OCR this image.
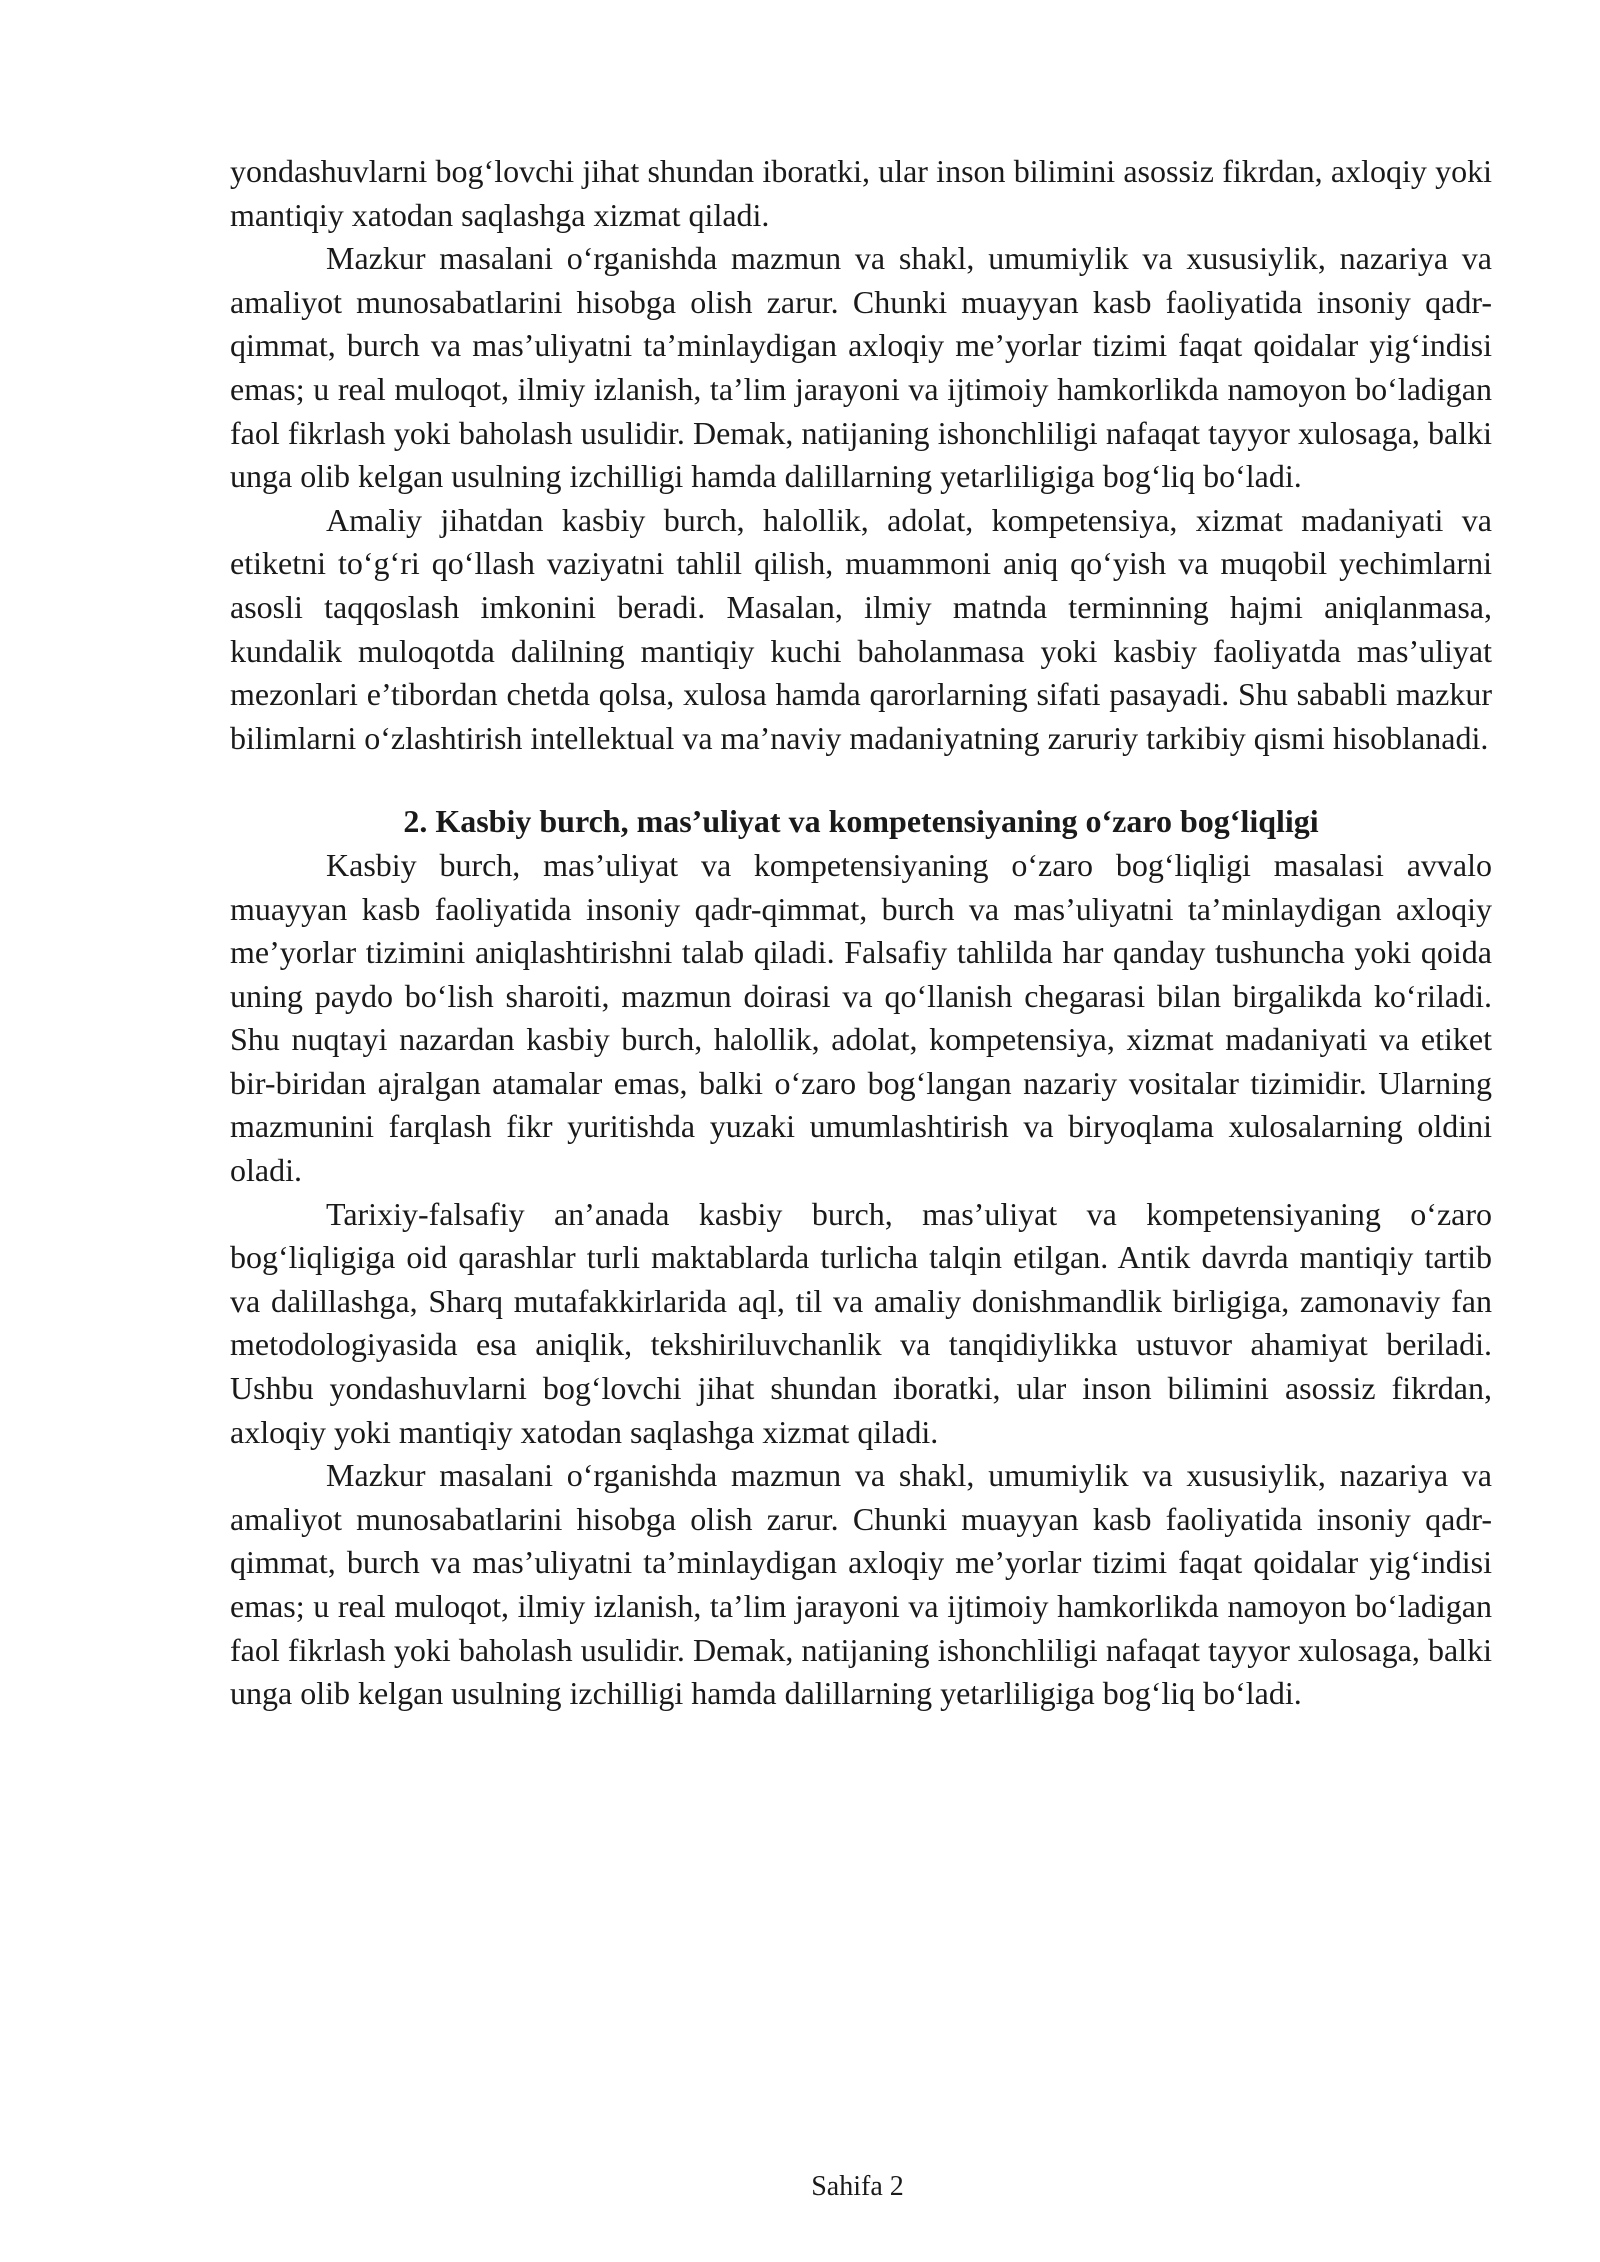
yondashuvlarni bog‘lovchi jihat shundan iboratki, ular inson bilimini asossiz fikrdan, axloqiy yoki mantiqiy xatodan saqlashga xizmat qiladi.

Mazkur masalani o‘rganishda mazmun va shakl, umumiylik va xususiylik, nazariya va amaliyot munosabatlarini hisobga olish zarur. Chunki muayyan kasb faoliyatida insoniy qadr-qimmat, burch va mas’uliyatni ta’minlaydigan axloqiy me’yorlar tizimi faqat qoidalar yig‘indisi emas; u real muloqot, ilmiy izlanish, ta’lim jarayoni va ijtimoiy hamkorlikda namoyon bo‘ladigan faol fikrlash yoki baholash usulidir. Demak, natijaning ishonchliligi nafaqat tayyor xulosaga, balki unga olib kelgan usulning izchilligi hamda dalillarning yetarliligiga bog‘liq bo‘ladi.

Amaliy jihatdan kasbiy burch, halollik, adolat, kompetensiya, xizmat madaniyati va etiketni to‘g‘ri qo‘llash vaziyatni tahlil qilish, muammoni aniq qo‘yish va muqobil yechimlarni asosli taqqoslash imkonini beradi. Masalan, ilmiy matnda terminning hajmi aniqlanmasa, kundalik muloqotda dalilning mantiqiy kuchi baholanmasa yoki kasbiy faoliyatda mas’uliyat mezonlari e’tibordan chetda qolsa, xulosa hamda qarorlarning sifati pasayadi. Shu sababli mazkur bilimlarni o‘zlashtirish intellektual va ma’naviy madaniyatning zaruriy tarkibiy qismi hisoblanadi.

2. Kasbiy burch, mas’uliyat va kompetensiyaning o‘zaro bog‘liqligi

Kasbiy burch, mas’uliyat va kompetensiyaning o‘zaro bog‘liqligi masalasi avvalo muayyan kasb faoliyatida insoniy qadr-qimmat, burch va mas’uliyatni ta’minlaydigan axloqiy me’yorlar tizimini aniqlashtirishni talab qiladi. Falsafiy tahlilda har qanday tushuncha yoki qoida uning paydo bo‘lish sharoiti, mazmun doirasi va qo‘llanish chegarasi bilan birgalikda ko‘riladi. Shu nuqtayi nazardan kasbiy burch, halollik, adolat, kompetensiya, xizmat madaniyati va etiket bir-biridan ajralgan atamalar emas, balki o‘zaro bog‘langan nazariy vositalar tizimidir. Ularning mazmunini farqlash fikr yuritishda yuzaki umumlashtirish va biryoqlama xulosalarning oldini oladi.

Tarixiy-falsafiy an’anada kasbiy burch, mas’uliyat va kompetensiyaning o‘zaro bog‘liqligiga oid qarashlar turli maktablarda turlicha talqin etilgan. Antik davrda mantiqiy tartib va dalillashga, Sharq mutafakkirlarida aql, til va amaliy donishmandlik birligiga, zamonaviy fan metodologiyasida esa aniqlik, tekshiriluvchanlik va tanqidiylikka ustuvor ahamiyat beriladi. Ushbu yondashuvlarni bog‘lovchi jihat shundan iboratki, ular inson bilimini asossiz fikrdan, axloqiy yoki mantiqiy xatodan saqlashga xizmat qiladi.

Mazkur masalani o‘rganishda mazmun va shakl, umumiylik va xususiylik, nazariya va amaliyot munosabatlarini hisobga olish zarur. Chunki muayyan kasb faoliyatida insoniy qadr-qimmat, burch va mas’uliyatni ta’minlaydigan axloqiy me’yorlar tizimi faqat qoidalar yig‘indisi emas; u real muloqot, ilmiy izlanish, ta’lim jarayoni va ijtimoiy hamkorlikda namoyon bo‘ladigan faol fikrlash yoki baholash usulidir. Demak, natijaning ishonchliligi nafaqat tayyor xulosaga, balki unga olib kelgan usulning izchilligi hamda dalillarning yetarliligiga bog‘liq bo‘ladi.

Sahifa 2
